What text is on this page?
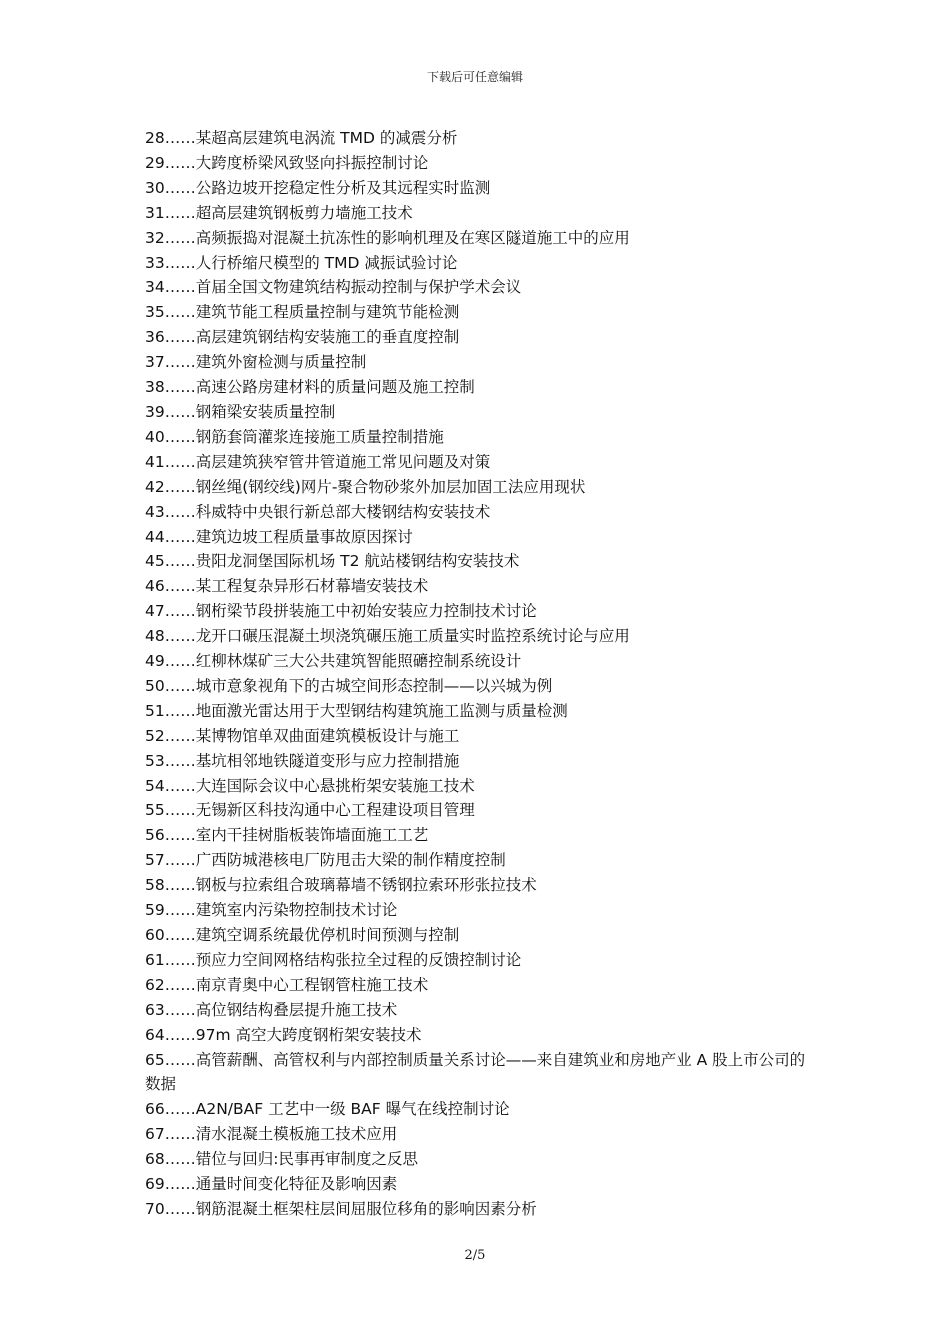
下载后可任意编辑
28……某超高层建筑电涡流 TMD 的减震分析
29……大跨度桥梁风致竖向抖振控制讨论
30……公路边坡开挖稳定性分析及其远程实时监测
31……超高层建筑钢板剪力墙施工技术
32……高频振捣对混凝土抗冻性的影响机理及在寒区隧道施工中的应用
33……人行桥缩尺模型的 TMD 减振试验讨论
34……首届全国文物建筑结构振动控制与保护学术会议
35……建筑节能工程质量控制与建筑节能检测
36……高层建筑钢结构安装施工的垂直度控制
37……建筑外窗检测与质量控制
38……高速公路房建材料的质量问题及施工控制
39……钢箱梁安装质量控制
40……钢筋套筒灌浆连接施工质量控制措施
41……高层建筑狭窄管井管道施工常见问题及对策
42……钢丝绳(钢绞线)网片-聚合物砂浆外加层加固工法应用现状
43……科威特中央银行新总部大楼钢结构安装技术
44……建筑边坡工程质量事故原因探讨
45……贵阳龙洞堡国际机场 T2 航站楼钢结构安装技术
46……某工程复杂异形石材幕墙安装技术
47……钢桁梁节段拼装施工中初始安装应力控制技术讨论
48……龙开口碾压混凝土坝浇筑碾压施工质量实时监控系统讨论与应用
49……红柳林煤矿三大公共建筑智能照礳控制系统设计
50……城市意象视角下的古城空间形态控制——以兴城为例
51……地面激光雷达用于大型钢结构建筑施工监测与质量检测
52……某博物馆单双曲面建筑模板设计与施工
53……基坑相邻地铁隧道变形与应力控制措施
54……大连国际会议中心悬挑桁架安装施工技术
55……无锡新区科技沟通中心工程建设项目管理
56……室内干挂树脂板装饰墙面施工工艺
57……广西防城港核电厂防甩击大梁的制作精度控制
58……钢板与拉索组合玻璃幕墙不锈钢拉索环形张拉技术
59……建筑室内污染物控制技术讨论
60……建筑空调系统最优停机时间预测与控制
61……预应力空间网格结构张拉全过程的反馈控制讨论
62……南京青奥中心工程钢管柱施工技术
63……高位钢结构叠层提升施工技术
64……97m 高空大跨度钢桁架安装技术
65……高管薪酬、高管权利与内部控制质量关系讨论——来自建筑业和房地产业 A 股上市公司的数据
66……A2N/BAF 工艺中一级 BAF 曝气在线控制讨论
67……清水混凝土模板施工技术应用
68……错位与回归:民事再审制度之反思
69……通量时间变化特征及影响因素
70……钢筋混凝土框架柱层间屈服位移角的影响因素分析
2/5
